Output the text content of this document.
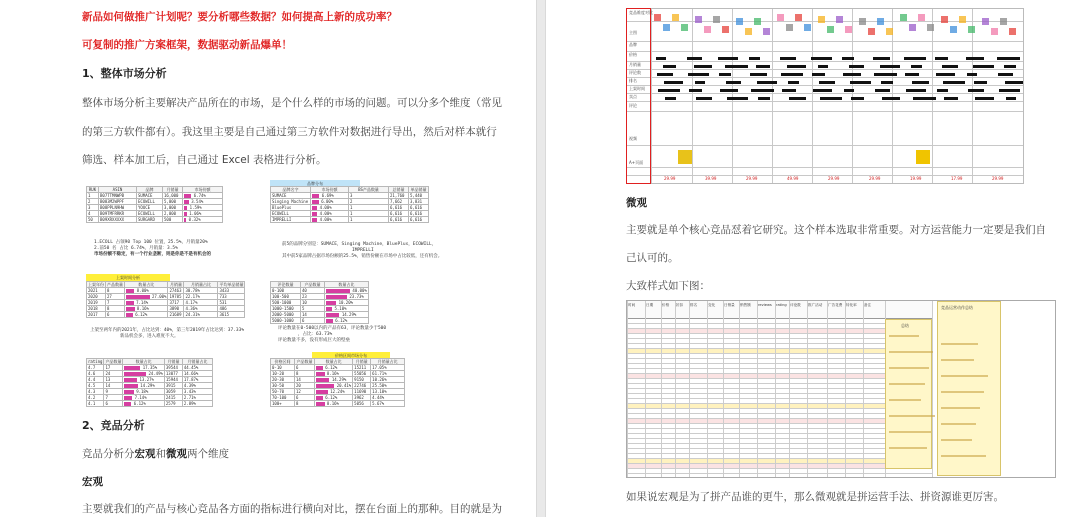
新品如何做推广计划呢？要分析哪些数据？如何提高上新的成功率？
可复制的推广方案框架，数据驱动新品爆单！
1、整体市场分析
整体市场分析主要解决产品所在的市场，是个什么样的市场的问题。可以分多个维度（常见
的第三方软件都有）。我这里主要是自己通过第三方软件对数据进行导出，然后对样本就行
筛选、样本加工后，自己通过 Excel 表格进行分析。
品牌分布
RUK	ASIN	品牌	月销量	市场份额
1	B07TTMNWPB	SUMACE	16,000	6.74%
2	B083M2WPPF	ECOWILL	5,000	3.54%
3	B08PPLN9HW	YOUCE	3,000	1.59%
4	B09TMFRRKR	ECOWILL	2,000	1.06%
50	B09XRXXXXX	SURGARD	500	0.32%
品牌名字	市场份额	BS产品数量	总销量	单品销量
SUMACE	6.69%	3	21,760	5,440
Singing Machine	6.00%	2	7,662	3,831
BluePlus	4.00%	1	6,616	6,616
ECOWILL	4.00%	1	6,616	6,616
IMPRELLI	4.00%	1	6,616	6,616
1.ECOLL 占领90 Top 100 位置，25.5%，月销量20%
2.前50 名 占比 6.74%，月销量：3.5%
市场份额不稳定，有一个行业垄断，则是你是不是有机会的
前5的品牌分别是：SUMACE，Singing Machine，BluePlus，ECOWILL，
IMPRELLI
其中前5家品牌占据市场份额的25.5%，销售份额在市场中占比较低，还有机会。
上架时间分析
上架年份	产品数量	数量占比	月销量	月销量占比	平均单品销量
2021	8	8.00%	27463	30.78%	3433
2020	27	27.00%	19785	22.17%	733
2019	7	7.14%	3717	4.17%	531
2018	8	8.16%	3890	4.36%	486
2017	6	6.12%	21689	24.31%	3615
评论数量	产品数量	数量占比
0-100	40	40.00%
100-500	23	23.73%
500-1000	10	10.20%
1000-1500	5	5.10%
2000-5000	14	14.29%
5000-1000	6	6.12%
上架至两年内的2021年，占比达到：40%，第三年2019年占比达到：37.33%
新品机会多，进入难度不大。
评论数量在0-500以内的产品有63，评论数量少于500
，占比：63.73%
评论数量不多，没有形成巨大的壁垒
价格区间市场分布
rating	产品数量	数量占比	月销量	月销量占比
4.7	17	17.35%	39544	44.45%
4.6	24	24.49%	13077	14.66%
4.4	13	13.27%	15944	17.87%
4.5	14	14.29%	3915	4.39%
4.3	9	9.18%	3059	3.43%
4.2	7	7.14%	2415	2.71%
4.1	6	6.12%	2579	2.89%
价格区间	产品数量	数量占比	月销量	月销量占比
0-10	6	6.12%	15211	17.05%
10-20	8	8.16%	55056	61.71%
20-30	14	14.29%	9150	10.26%
30-50	20	20.41%	22746	25.50%
50-70	12	12.24%	11690	13.10%
70-100	6	6.12%	3962	4.44%
100+	8	8.16%	5056	5.67%
2、竞品分析
竞品分析分宏观和微观两个维度
宏观
主要就我们的产品与核心竞品各方面的指标进行横向对比，摆在台面上的那种。目的就是为
微观
主要就是单个核心竞品怼着它研究。这个样本选取非常重要。对方运营能力一定要是我们自
己认可的。
大致样式如下图：
时间	日期 价格 折扣 排名	变化 日销量 销售额 reviews rating 评论数 推广活动 广告花费 转化率 备注
总结
竞品运营动作总结
如果说宏观是为了拼产品谁的更牛，那么微观就是拼运营手法、拼资源谁更厉害。
竞品维度对比
主图
品牌
价格
月销量
评论数
排名
上架时间
卖点
评论
视频
A+页面
29.99	39.99	29.99	49.99	29.99	29.99	19.99	17.99	29.99
